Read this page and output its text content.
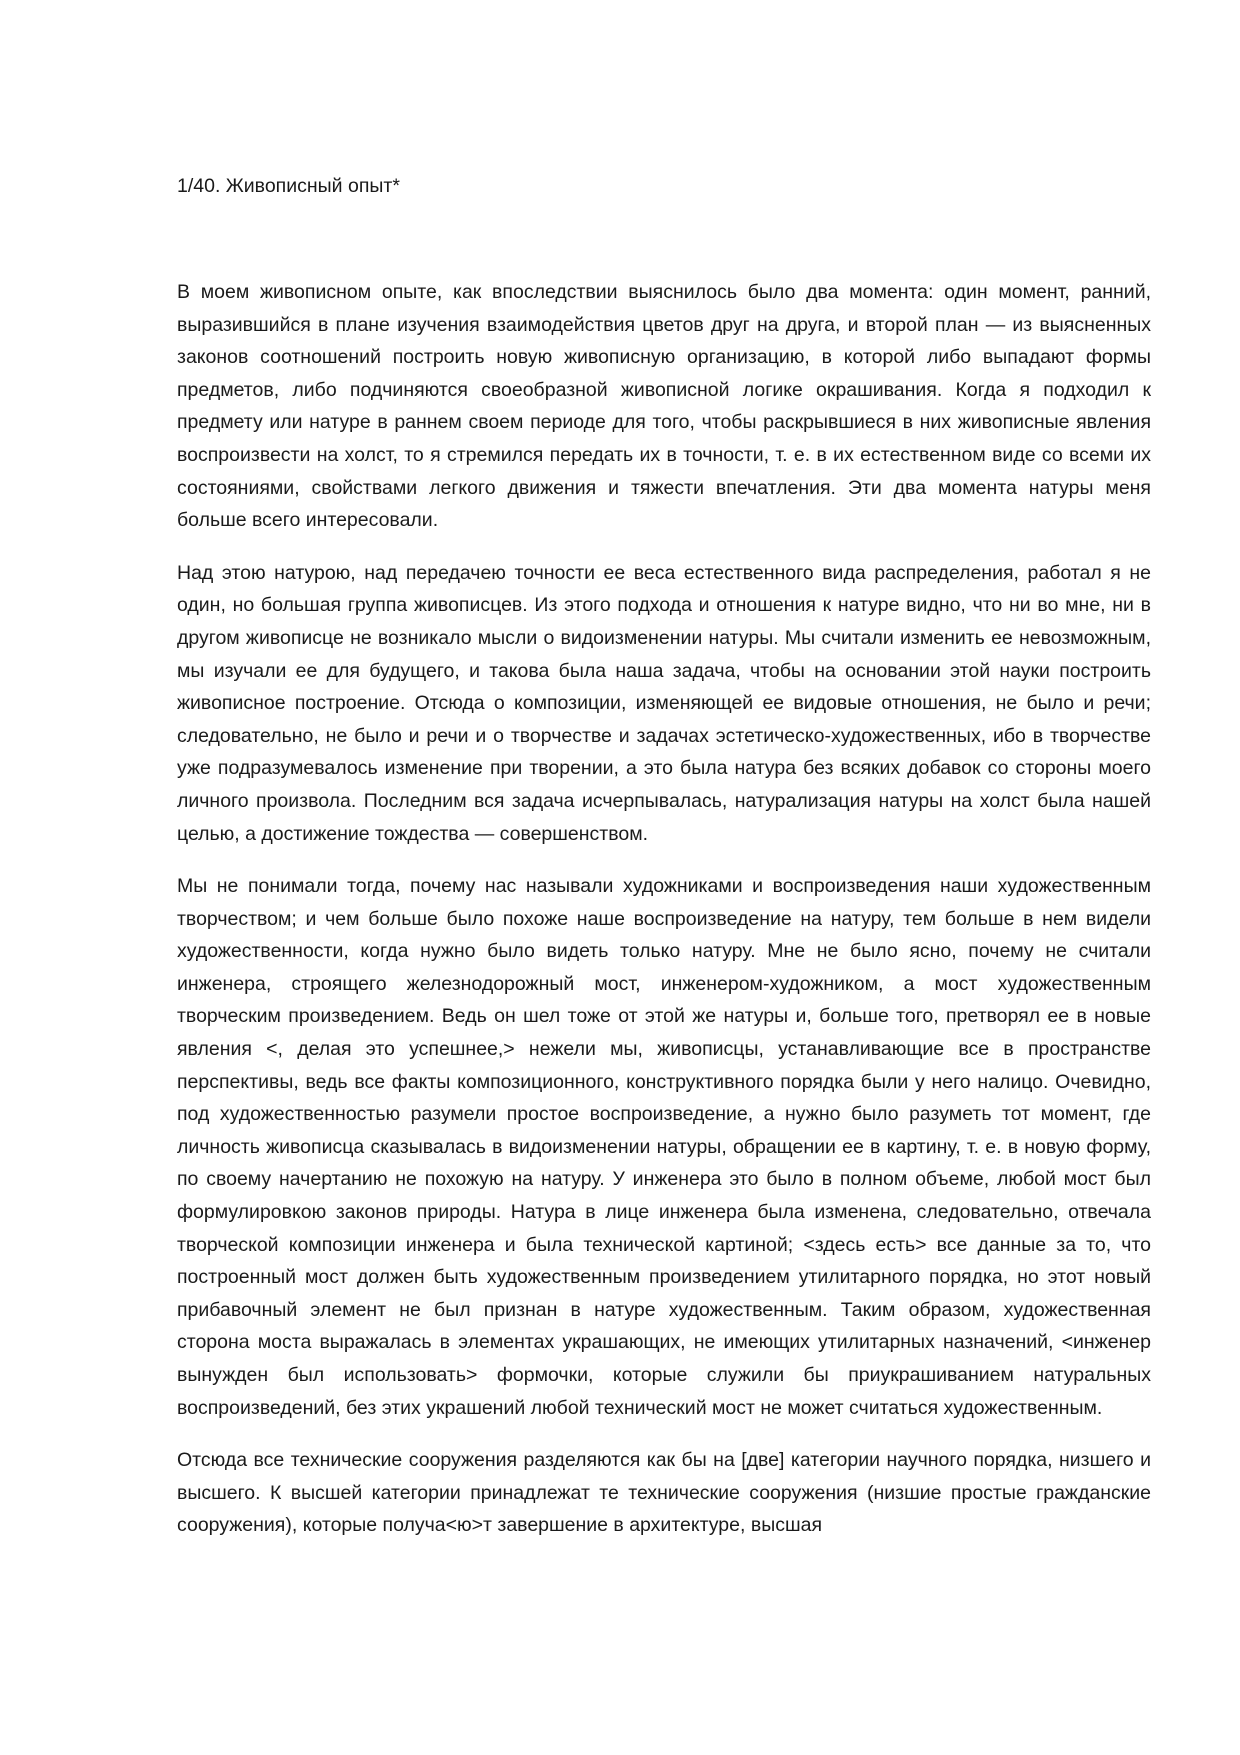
1/40. Живописный опыт*

В моем живописном опыте, как впоследствии выяснилось было два момента: один момент, ранний, выразившийся в плане изучения взаимодействия цветов друг на друга, и второй план — из выясненных законов соотношений построить новую живописную организацию, в которой либо выпадают формы предметов, либо подчиняются своеобразной живописной логике окрашивания. Когда я подходил к предмету или натуре в раннем своем периоде для того, чтобы раскрывшиеся в них живописные явления воспроизвести на холст, то я стремился передать их в точности, т. е. в их естественном виде со всеми их состояниями, свойствами легкого движения и тяжести впечатления. Эти два момента натуры меня больше всего интересовали.

Над этою натурою, над передачею точности ее веса естественного вида распределения, работал я не один, но большая группа живописцев. Из этого подхода и отношения к натуре видно, что ни во мне, ни в другом живописце не возникало мысли о видоизменении натуры. Мы считали изменить ее невозможным, мы изучали ее для будущего, и такова была наша задача, чтобы на основании этой науки построить живописное построение. Отсюда о композиции, изменяющей ее видовые отношения, не было и речи; следовательно, не было и речи и о творчестве и задачах эстетическо-художественных, ибо в творчестве уже подразумевалось изменение при творении, а это была натура без всяких добавок со стороны моего личного произвола. Последним вся задача исчерпывалась, натурализация натуры на холст была нашей целью, а достижение тождества — совершенством.

Мы не понимали тогда, почему нас называли художниками и воспроизведения наши художественным творчеством; и чем больше было похоже наше воспроизведение на натуру, тем больше в нем видели художественности, когда нужно было видеть только натуру. Мне не было ясно, почему не считали инженера, строящего железнодорожный мост, инженером-художником, а мост художественным творческим произведением. Ведь он шел тоже от этой же натуры и, больше того, претворял ее в новые явления <, делая это успешнее,> нежели мы, живописцы, устанавливающие все в пространстве перспективы, ведь все факты композиционного, конструктивного порядка были у него налицо. Очевидно, под художественностью разумели простое воспроизведение, а нужно было разуметь тот момент, где личность живописца сказывалась в видоизменении натуры, обращении ее в картину, т. е. в новую форму, по своему начертанию не похожую на натуру. У инженера это было в полном объеме, любой мост был формулировкою законов природы. Натура в лице инженера была изменена, следовательно, отвечала творческой композиции инженера и была технической картиной; <здесь есть> все данные за то, что построенный мост должен быть художественным произведением утилитарного порядка, но этот новый прибавочный элемент не был признан в натуре художественным. Таким образом, художественная сторона моста выражалась в элементах украшающих, не имеющих утилитарных назначений, <инженер вынужден был использовать> формочки, которые служили бы приукрашиванием натуральных воспроизведений, без этих украшений любой технический мост не может считаться художественным.

Отсюда все технические сооружения разделяются как бы на [две] категории научного порядка, низшего и высшего. К высшей категории принадлежат те технические сооружения (низшие простые гражданские сооружения), которые получа<ю>т завершение в архитектуре, высшая
